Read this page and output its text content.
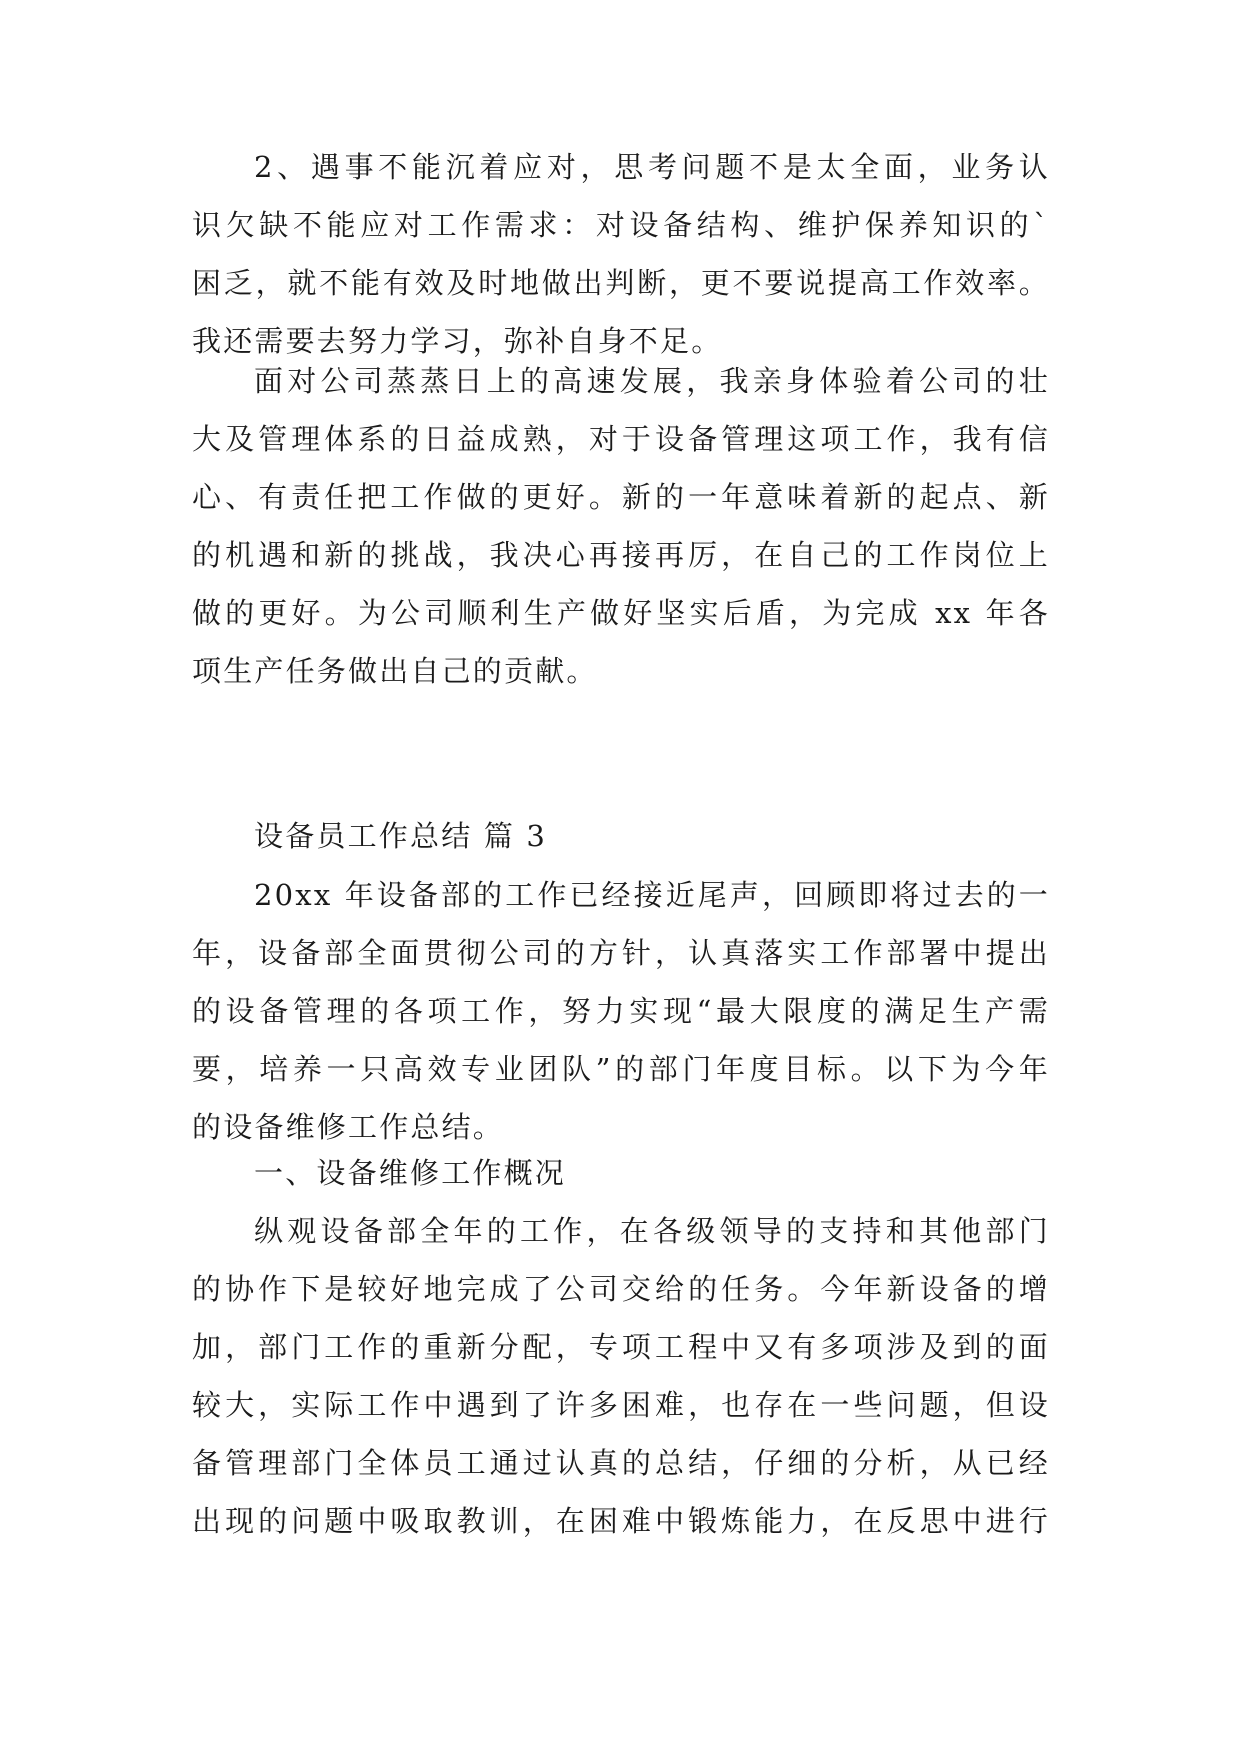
2、遇事不能沉着应对，思考问题不是太全面，业务认
识欠缺不能应对工作需求：对设备结构、维护保养知识的`
困乏，就不能有效及时地做出判断，更不要说提高工作效率。
我还需要去努力学习，弥补自身不足。
面对公司蒸蒸日上的高速发展，我亲身体验着公司的壮
大及管理体系的日益成熟，对于设备管理这项工作，我有信
心、有责任把工作做的更好。新的一年意味着新的起点、新
的机遇和新的挑战，我决心再接再厉，在自己的工作岗位上
做的更好。为公司顺利生产做好坚实后盾，为完成 xx 年各
项生产任务做出自己的贡献。
设备员工作总结 篇 3
20xx 年设备部的工作已经接近尾声，回顾即将过去的一
年，设备部全面贯彻公司的方针，认真落实工作部署中提出
的设备管理的各项工作，努力实现“最大限度的满足生产需
要，培养一只高效专业团队”的部门年度目标。以下为今年
的设备维修工作总结。
一、设备维修工作概况
纵观设备部全年的工作，在各级领导的支持和其他部门
的协作下是较好地完成了公司交给的任务。今年新设备的增
加，部门工作的重新分配，专项工程中又有多项涉及到的面
较大，实际工作中遇到了许多困难，也存在一些问题，但设
备管理部门全体员工通过认真的总结，仔细的分析，从已经
出现的问题中吸取教训，在困难中锻炼能力，在反思中进行
